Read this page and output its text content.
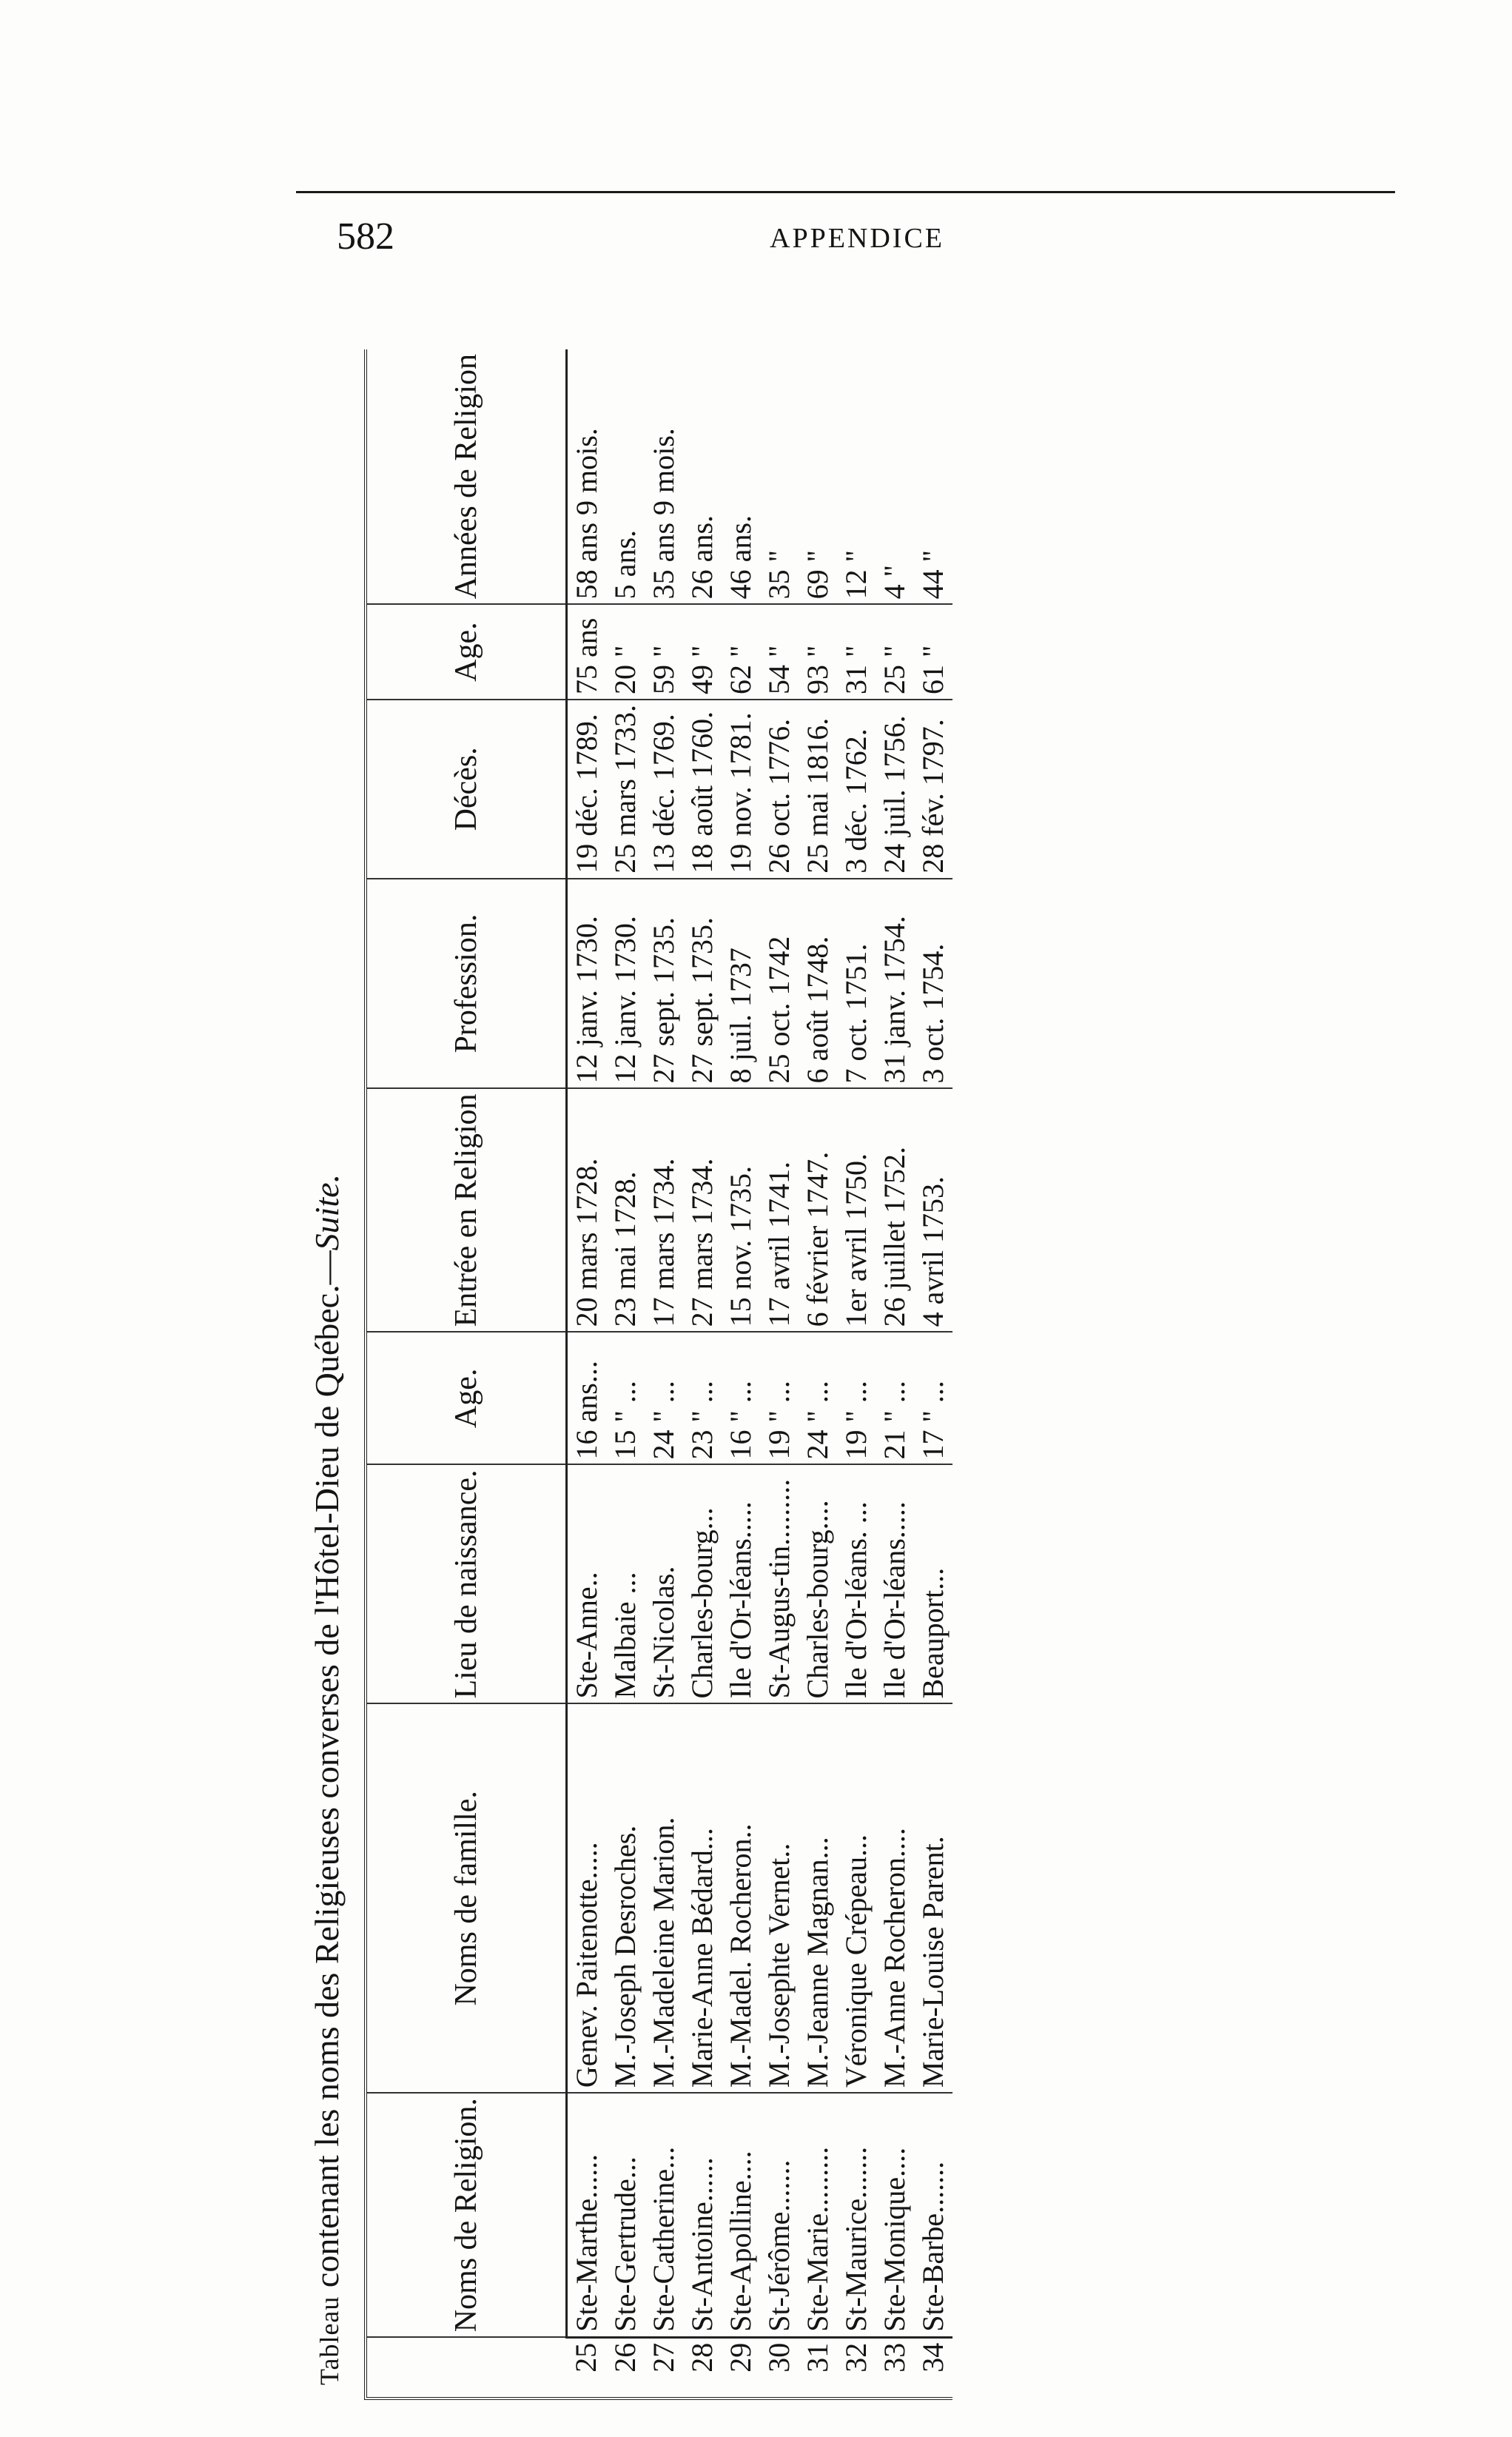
582	APPENDICE
Tableau contenant les noms des Religieuses converses de l'Hôtel-Dieu de Québec.—Suite.
	Noms de Religion.	Noms de famille.	Lieu de naissance.	Age.	Entrée en Religion	Profession.	Décès.	Age.	Années de Religion
25	Ste-Marthe......	Genev. Paitenotte.....	Ste-Anne..	16 ans...	20 mars 1728.	12 janv. 1730.	19 déc. 1789.	75 ans	58 ans 9 mois.
26	Ste-Gertrude...	M.-Joseph Desroches.	Malbaie ...	15 " ...	23 mai 1728.	12 janv. 1730.	25 mars 1733.	20 "	5 ans.
27	Ste-Catherine...	M.-Madeleine Marion.	St-Nicolas.	24 " ...	17 mars 1734.	27 sept. 1735.	13 déc. 1769.	59 "	35 ans 9 mois.
28	St-Antoine......	Marie-Anne Bédard...	Charles-bourg...	23 " ...	27 mars 1734.	27 sept. 1735.	18 août 1760.	49 "	26 ans.
29	Ste-Apolline....	M.-Madel. Rocheron..	Ile d'Or-léans.....	16 " ...	15 nov. 1735.	8 juil. 1737	19 nov. 1781.	62 "	46 ans.
30	St-Jérôme.......	M.-Josephte Vernet..	St-Augus-tin.........	19 " ...	17 avril 1741.	25 oct. 1742	26 oct. 1776.	54 "	35 "
31	Ste-Marie.........	M.-Jeanne Magnan...	Charles-bourg....	24 " ...	6 février 1747.	6 août 1748.	25 mai 1816.	93 "	69 "
32	St-Maurice.......	Véronique Crépeau...	Ile d'Or-léans. ...	19 " ...	1er avril 1750.	7 oct. 1751.	3 déc. 1762.	31 "	12 "
33	Ste-Monique....	M.-Anne Rocheron....	Ile d'Or-léans.....	21 " ...	26 juillet 1752.	31 janv. 1754.	24 juil. 1756.	25 "	4 "
34	Ste-Barbe.......	Marie-Louise Parent.	Beauport...	17 " ...	4 avril 1753.	3 oct. 1754.	28 fév. 1797.	61 "	44 "
